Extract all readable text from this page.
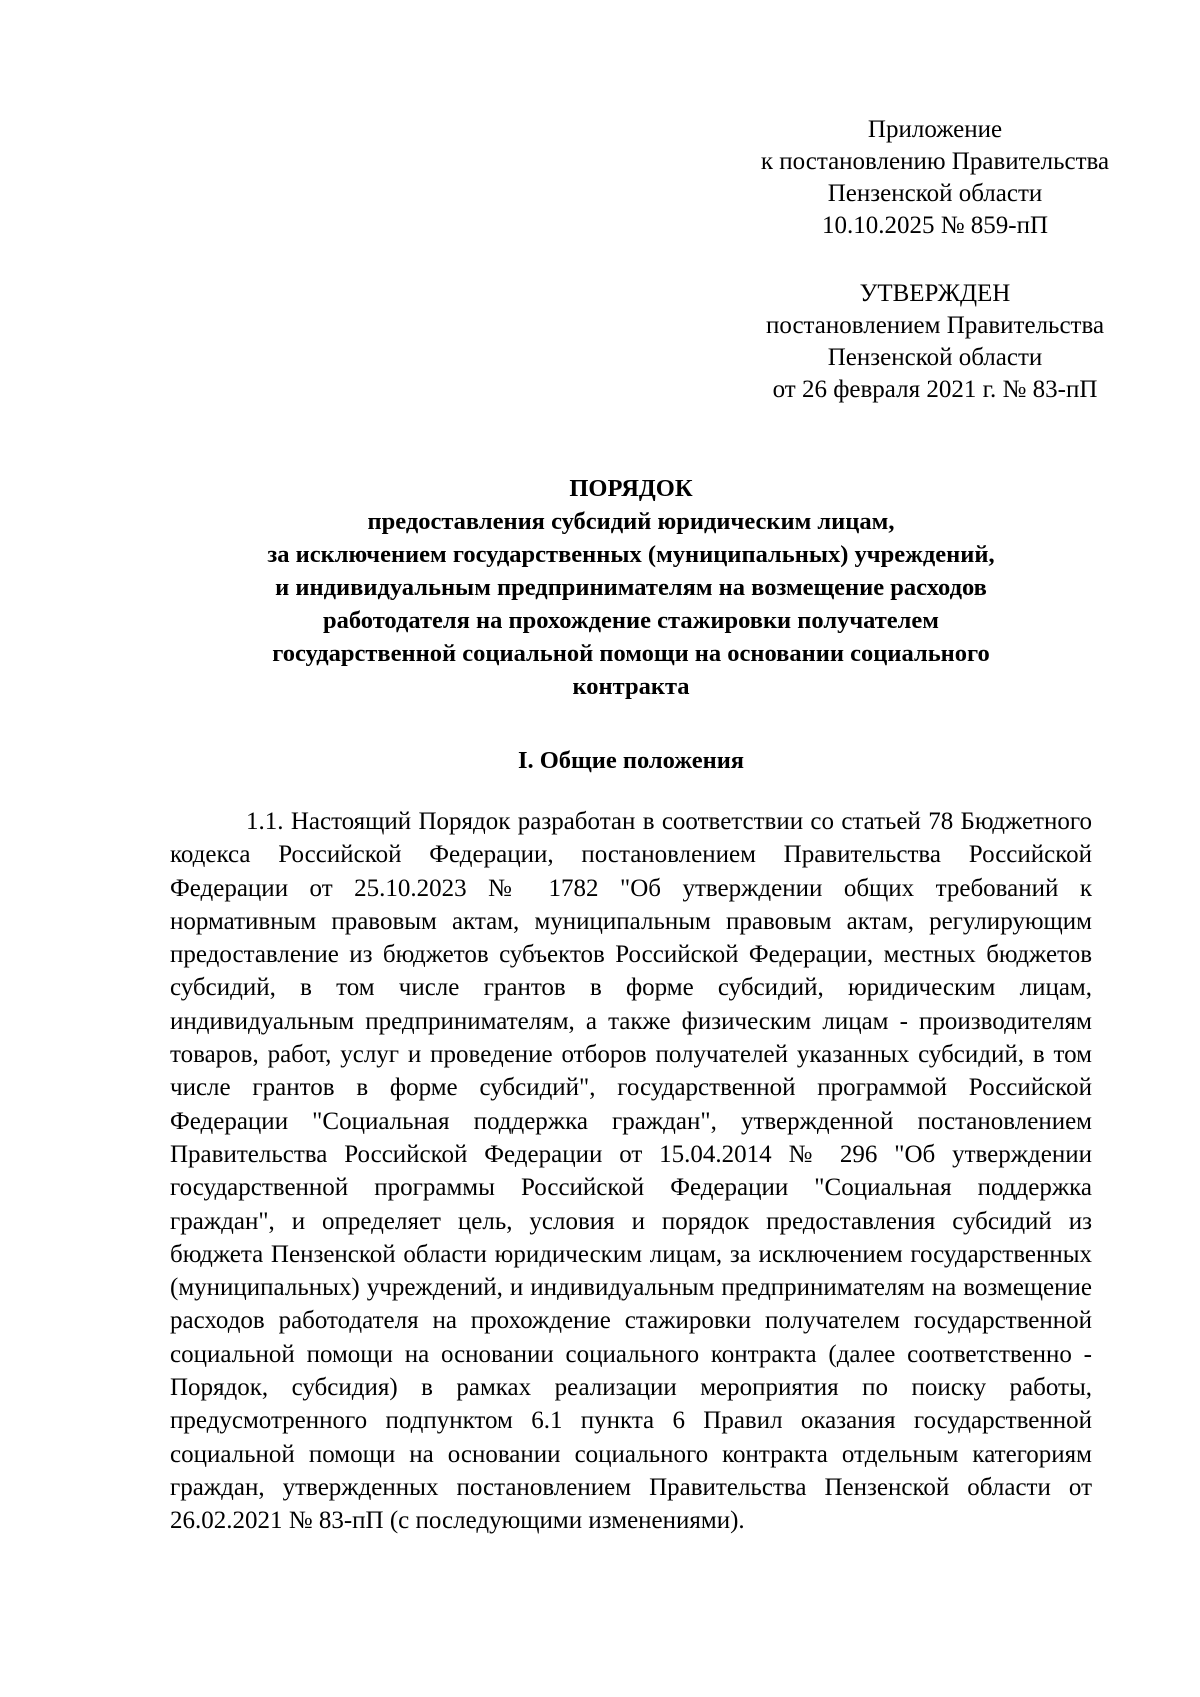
Приложение
к постановлению Правительства
Пензенской области
10.10.2025 № 859-пП
УТВЕРЖДЕН
постановлением Правительства
Пензенской области
от 26 февраля 2021 г. № 83-пП
ПОРЯДОК
предоставления субсидий юридическим лицам,
за исключением государственных (муниципальных) учреждений,
и индивидуальным предпринимателям на возмещение расходов
работодателя на прохождение стажировки получателем
государственной социальной помощи на основании социального
контракта
I. Общие положения

1.1. Настоящий Порядок разработан в соответствии со статьей 78 Бюджетного кодекса Российской Федерации, постановлением Правительства Российской Федерации от 25.10.2023 № 1782 "Об утверждении общих требований к нормативным правовым актам, муниципальным правовым актам, регулирующим предоставление из бюджетов субъектов Российской Федерации, местных бюджетов субсидий, в том числе грантов в форме субсидий, юридическим лицам, индивидуальным предпринимателям, а также физическим лицам - производителям товаров, работ, услуг и проведение отборов получателей указанных субсидий, в том числе грантов в форме субсидий", государственной программой Российской Федерации "Социальная поддержка граждан", утвержденной постановлением Правительства Российской Федерации от 15.04.2014 № 296 "Об утверждении государственной программы Российской Федерации "Социальная поддержка граждан", и определяет цель, условия и порядок предоставления субсидий из бюджета Пензенской области юридическим лицам, за исключением государственных (муниципальных) учреждений, и индивидуальным предпринимателям на возмещение расходов работодателя на прохождение стажировки получателем государственной социальной помощи на основании социального контракта (далее соответственно - Порядок, субсидия) в рамках реализации мероприятия по поиску работы, предусмотренного подпунктом 6.1 пункта 6 Правил оказания государственной социальной помощи на основании социального контракта отдельным категориям граждан, утвержденных постановлением Правительства Пензенской области от 26.02.2021 № 83-пП (с последующими изменениями).
